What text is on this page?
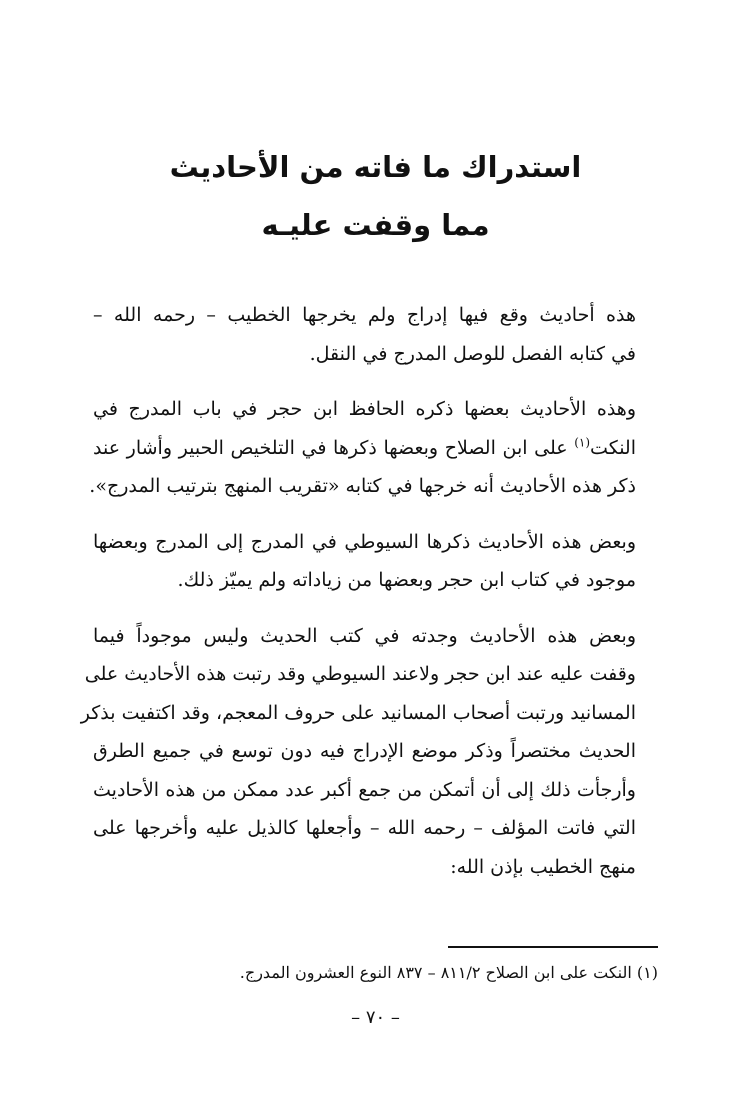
استدراك ما فاته من الأحاديث
مما وقفت عليـه

هذه أحاديث وقع فيها إدراج ولم يخرجها الخطيب – رحمه الله –
في كتابه الفصل للوصل المدرج في النقل.

وهذه الأحاديث بعضها ذكره الحافظ ابن حجر في باب المدرج في
النكت$^{(١)}$ على ابن الصلاح وبعضها ذكرها في التلخيص الحبير وأشار عند
ذكر هذه الأحاديث أنه خرجها في كتابه «تقريب المنهج بترتيب المدرج».

وبعض هذه الأحاديث ذكرها السيوطي في المدرج إلى المدرج وبعضها
موجود في كتاب ابن حجر وبعضها من زياداته ولم يميّز ذلك.

وبعض هذه الأحاديث وجدته في كتب الحديث وليس موجوداً فيما
وقفت عليه عند ابن حجر ولاعند السيوطي وقد رتبت هذه الأحاديث على
المسانيد ورتبت أصحاب المسانيد على حروف المعجم، وقد اكتفيت بذكر
الحديث مختصراً وذكر موضع الإدراج فيه دون توسع في جميع الطرق
وأرجأت ذلك إلى أن أتمكن من جمع أكبر عدد ممكن من هذه الأحاديث
التي فاتت المؤلف – رحمه الله – وأجعلها كالذيل عليه وأخرجها على
منهج الخطيب بإذن الله:

(١) النكت على ابن الصلاح ٨١١/٢ – ٨٣٧ النوع العشرون المدرج.
– ٧٠ –
